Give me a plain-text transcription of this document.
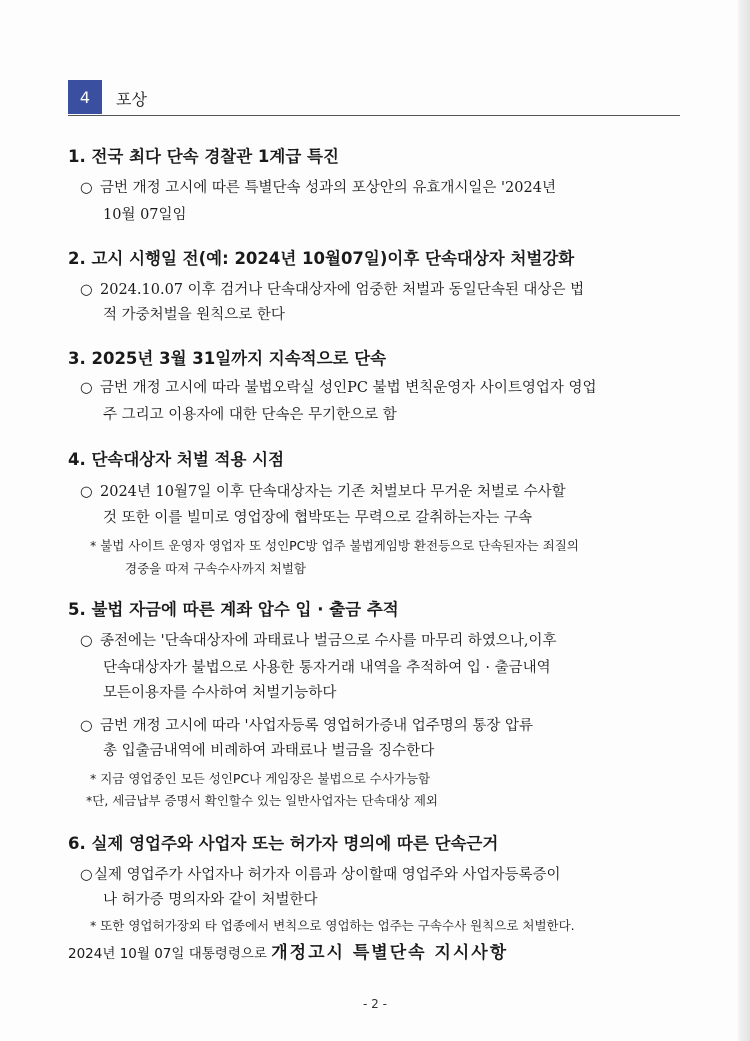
4	포상
1. 전국 최다 단속 경찰관 1계급 특진
○ 금번 개정 고시에 따른 특별단속 성과의 포상안의 유효개시일은 '2024년
10월 07일임
2. 고시 시행일 전(예: 2024년 10월07일)이후 단속대상자 처벌강화
○ 2024.10.07 이후 검거나 단속대상자에 엄중한 처벌과 동일단속된 대상은 법
적 가중처벌을 원칙으로 한다
3. 2025년 3월 31일까지 지속적으로 단속
○ 금번 개정 고시에 따라 불법오락실 성인PC 불법 변칙운영자 사이트영업자 영업
주 그리고 이용자에 대한 단속은 무기한으로 함
4. 단속대상자 처벌 적용 시점
○ 2024년 10월7일 이후 단속대상자는 기존 처벌보다 무거운 처벌로 수사할
것 또한 이를 빌미로 영업장에 협박또는 무력으로 갈취하는자는 구속
* 불법 사이트 운영자 영업자 또 성인PC방 업주 불법게임방 환전등으로 단속된자는 죄질의
경중을 따져 구속수사까지 처벌함
5. 불법 자금에 따른 계좌 압수 입 · 출금 추적
○ 종전에는 '단속대상자에 과태료나 벌금으로 수사를 마무리 하였으나,이후
단속대상자가 불법으로 사용한 통자거래 내역을 추적하여 입 · 출금내역
모든이용자를 수사하여 처벌기능하다
○ 금번 개정 고시에 따라 '사업자등록 영업허가증내 업주명의 통장 압류
총 입출금내역에 비례하여 과태료나 벌금을 징수한다
* 지금 영업중인 모든 성인PC나 게임장은 불법으로 수사가능함
*단, 세금납부 증명서 확인할수 있는 일반사업자는 단속대상 제외
6. 실제 영업주와 사업자 또는 허가자 명의에 따른 단속근거
○실제 영업주가 사업자나 허가자 이름과 상이할때 영업주와 사업자등록증이
나 허가증 명의자와 같이 처벌한다
* 또한 영업허가장외 타 업종에서 변칙으로 영업하는 업주는 구속수사 원칙으로 처벌한다.
2024년 10월 07일 대통령령으로 개정고시 특별단속 지시사항
- 2 -
